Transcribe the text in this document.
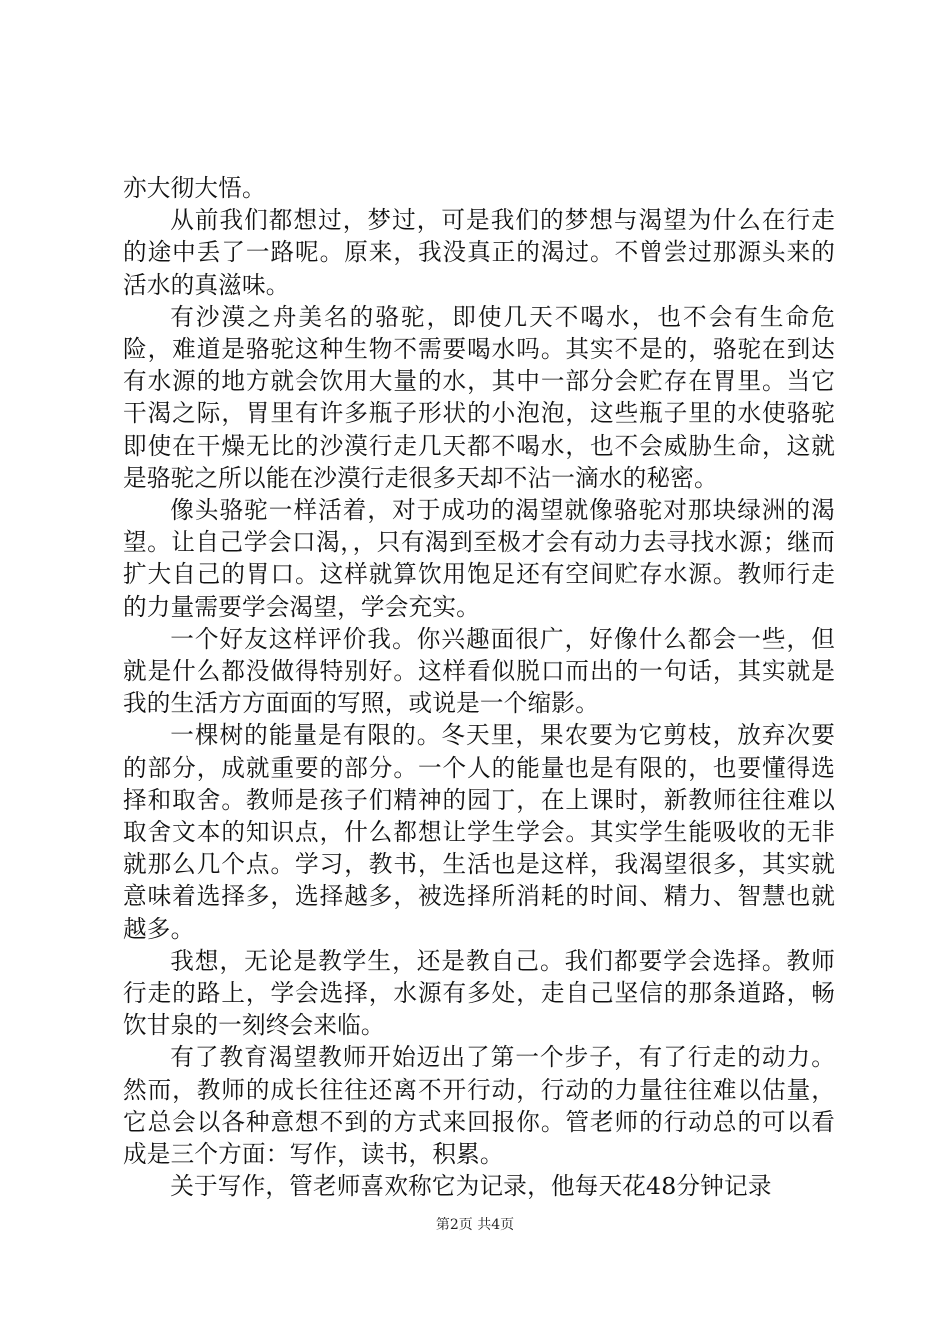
亦大彻大悟。

从前我们都想过，梦过，可是我们的梦想与渴望为什么在行走的途中丢了一路呢。原来，我没真正的渴过。不曾尝过那源头来的活水的真滋味。

有沙漠之舟美名的骆驼，即使几天不喝水，也不会有生命危险，难道是骆驼这种生物不需要喝水吗。其实不是的，骆驼在到达有水源的地方就会饮用大量的水，其中一部分会贮存在胃里。当它干渴之际，胃里有许多瓶子形状的小泡泡，这些瓶子里的水使骆驼即使在干燥无比的沙漠行走几天都不喝水，也不会威胁生命，这就是骆驼之所以能在沙漠行走很多天却不沾一滴水的秘密。

像头骆驼一样活着，对于成功的渴望就像骆驼对那块绿洲的渴望。让自己学会口渴，，只有渴到至极才会有动力去寻找水源；继而扩大自己的胃口。这样就算饮用饱足还有空间贮存水源。教师行走的力量需要学会渴望，学会充实。

一个好友这样评价我。你兴趣面很广，好像什么都会一些，但就是什么都没做得特别好。这样看似脱口而出的一句话，其实就是我的生活方方面面的写照，或说是一个缩影。

一棵树的能量是有限的。冬天里，果农要为它剪枝，放弃次要的部分，成就重要的部分。一个人的能量也是有限的，也要懂得选择和取舍。教师是孩子们精神的园丁，在上课时，新教师往往难以取舍文本的知识点，什么都想让学生学会。其实学生能吸收的无非就那么几个点。学习，教书，生活也是这样，我渴望很多，其实就意味着选择多，选择越多，被选择所消耗的时间、精力、智慧也就越多。

我想，无论是教学生，还是教自己。我们都要学会选择。教师行走的路上，学会选择，水源有多处，走自己坚信的那条道路，畅饮甘泉的一刻终会来临。

有了教育渴望教师开始迈出了第一个步子，有了行走的动力。然而，教师的成长往往还离不开行动，行动的力量往往难以估量，它总会以各种意想不到的方式来回报你。管老师的行动总的可以看成是三个方面：写作，读书，积累。

关于写作，管老师喜欢称它为记录，他每天花48分钟记录

第2页 共4页
